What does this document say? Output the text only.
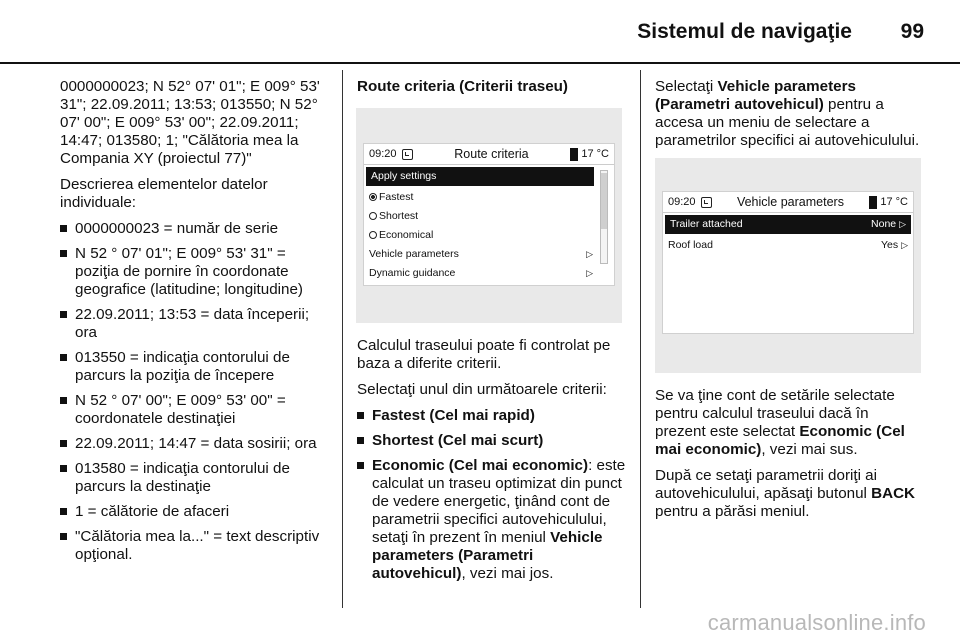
Sistemul de navigaţie 99

0000000023; N 52° 07' 01"; E 009° 53' 31"; 22.09.2011; 13:53; 013550; N 52° 07' 00"; E 009° 53' 00"; 22.09.2011; 14:47; 013580; 1; "Călătoria mea la Compania XY (proiectul 77)"

Descrierea elementelor datelor individuale:

0000000023 = număr de serie
N 52 ° 07' 01"; E 009° 53' 31" = poziţia de pornire în coordonate geografice (latitudine; longitudine)
22.09.2011; 13:53 = data începerii; ora
013550 = indicaţia contorului de parcurs la poziţia de începere
N 52 ° 07' 00"; E 009° 53' 00" = coordonatele destinaţiei
22.09.2011; 14:47 = data sosirii; ora
013580 = indicaţia contorului de parcurs la destinaţie
1 = călătorie de afaceri
"Călătoria mea la..." = text descriptiv opţional.
Route criteria (Criterii traseu)
09:20	Route criteria	17 °C
Apply settings
Fastest
Shortest
Economical
Vehicle parameters	▷
Dynamic guidance	▷

Calculul traseului poate fi controlat pe baza a diferite criterii.

Selectaţi unul din următoarele criterii:

Fastest (Cel mai rapid)
Shortest (Cel mai scurt)
Economic (Cel mai economic): este calculat un traseu optimizat din punct de vedere energetic, ţinând cont de parametrii specifici autovehiculului, setaţi în prezent în meniul Vehicle parameters (Parametri autovehicul), vezi mai jos.

Selectaţi Vehicle parameters (Parametri autovehicul) pentru a accesa un meniu de selectare a parametrilor specifici ai autovehiculului.

09:20	Vehicle parameters	17 °C
Trailer attached	None ▷
Roof load	Yes ▷

Se va ţine cont de setările selectate pentru calculul traseului dacă în prezent este selectat Economic (Cel mai economic), vezi mai sus.

După ce setaţi parametrii doriţi ai autovehiculului, apăsaţi butonul BACK pentru a părăsi meniul.

carmanualsonline.info
